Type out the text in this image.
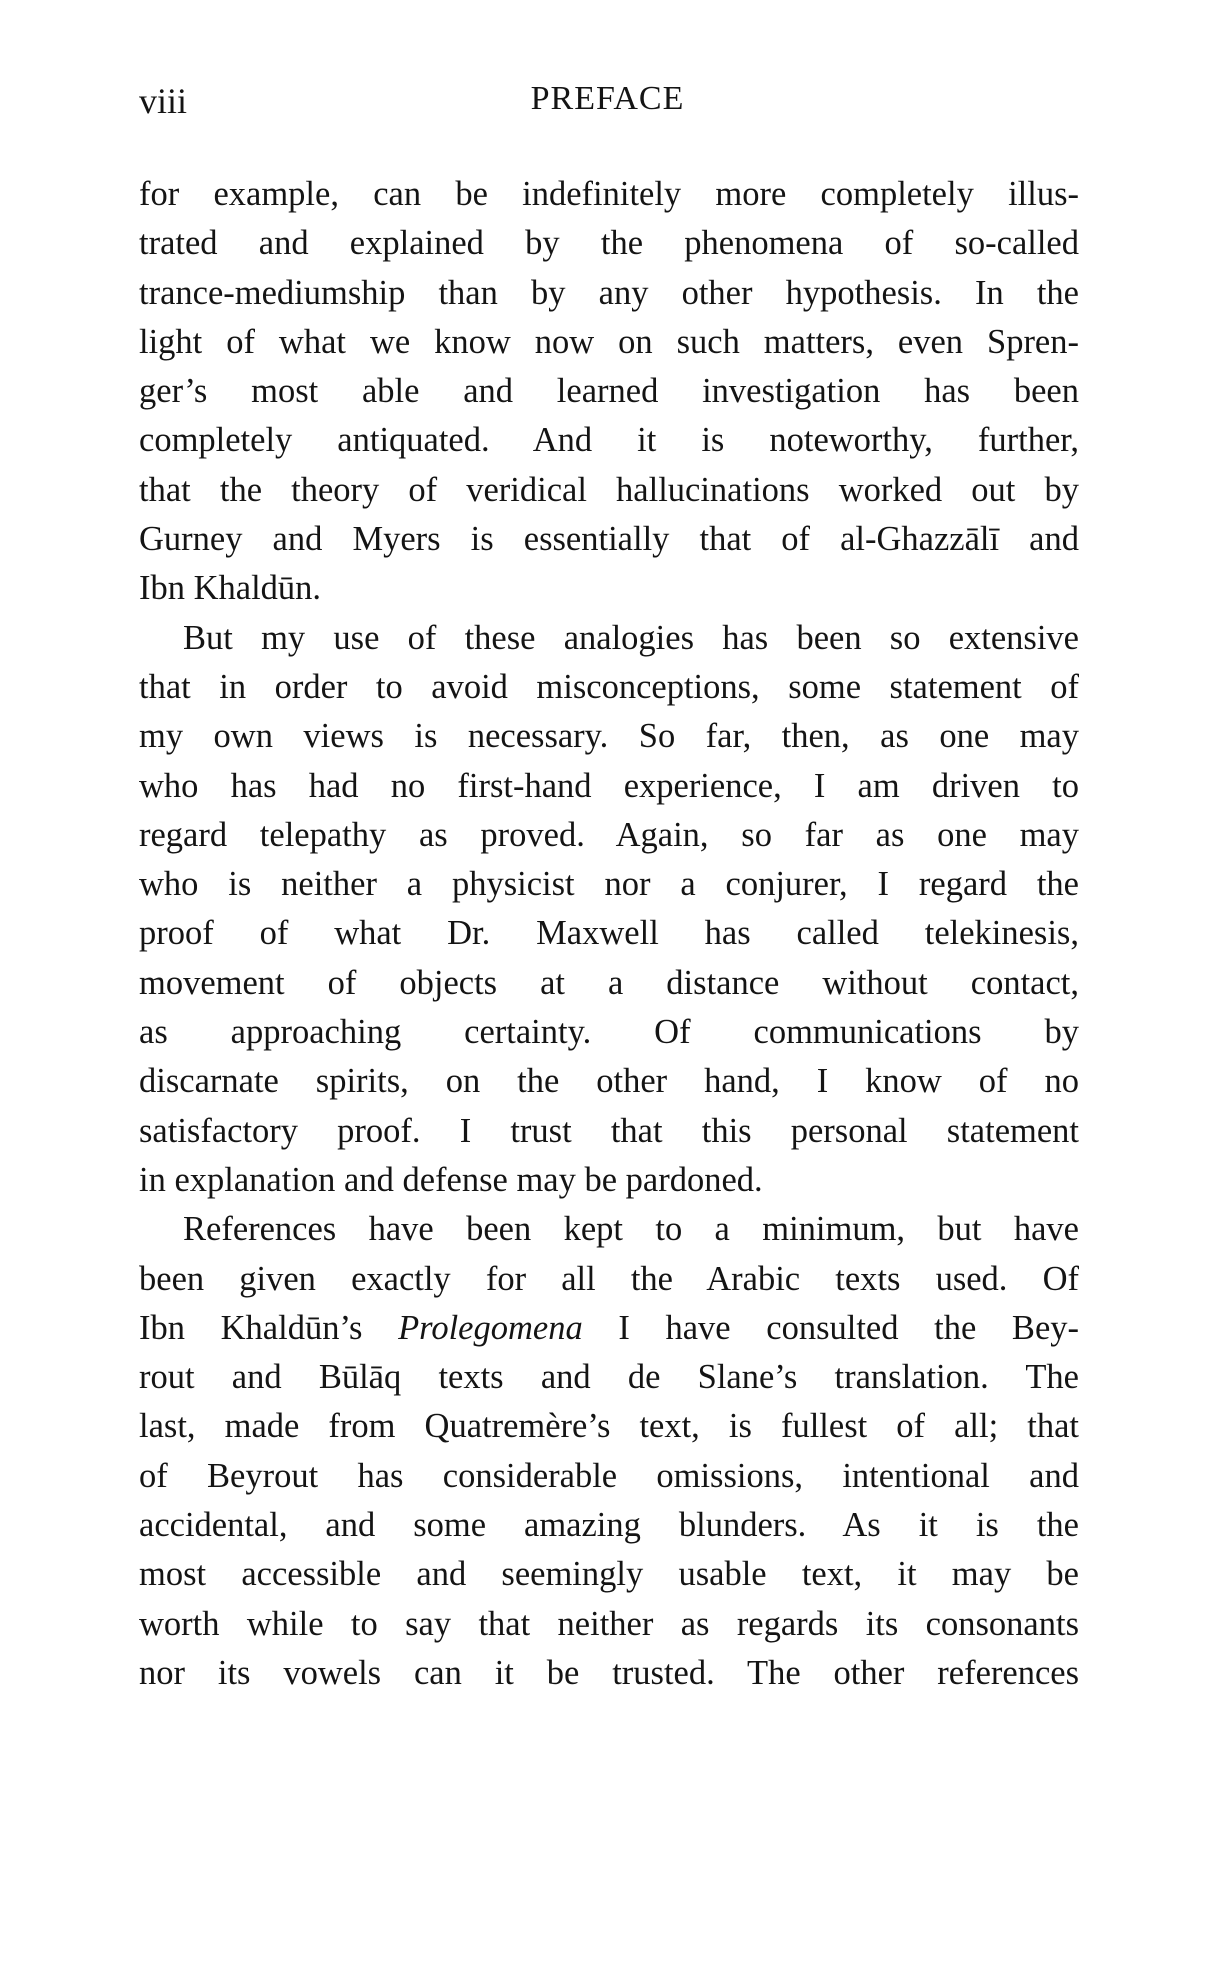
viii	PREFACE
for example, can be indefinitely more completely illus-
trated and explained by the phenomena of so-called
trance-mediumship than by any other hypothesis. In the
light of what we know now on such matters, even Spren-
ger’s most able and learned investigation has been
completely antiquated. And it is noteworthy, further,
that the theory of veridical hallucinations worked out by
Gurney and Myers is essentially that of al-Ghazzālī and
Ibn Khaldūn.
But my use of these analogies has been so extensive
that in order to avoid misconceptions, some statement of
my own views is necessary. So far, then, as one may
who has had no first-hand experience, I am driven to
regard telepathy as proved. Again, so far as one may
who is neither a physicist nor a conjurer, I regard the
proof of what Dr. Maxwell has called telekinesis,
movement of objects at a distance without contact,
as approaching certainty. Of communications by
discarnate spirits, on the other hand, I know of no
satisfactory proof. I trust that this personal statement
in explanation and defense may be pardoned.
References have been kept to a minimum, but have
been given exactly for all the Arabic texts used. Of
Ibn Khaldūn’s Prolegomena I have consulted the Bey-
rout and Būlāq texts and de Slane’s translation. The
last, made from Quatremère’s text, is fullest of all; that
of Beyrout has considerable omissions, intentional and
accidental, and some amazing blunders. As it is the
most accessible and seemingly usable text, it may be
worth while to say that neither as regards its consonants
nor its vowels can it be trusted. The other references
